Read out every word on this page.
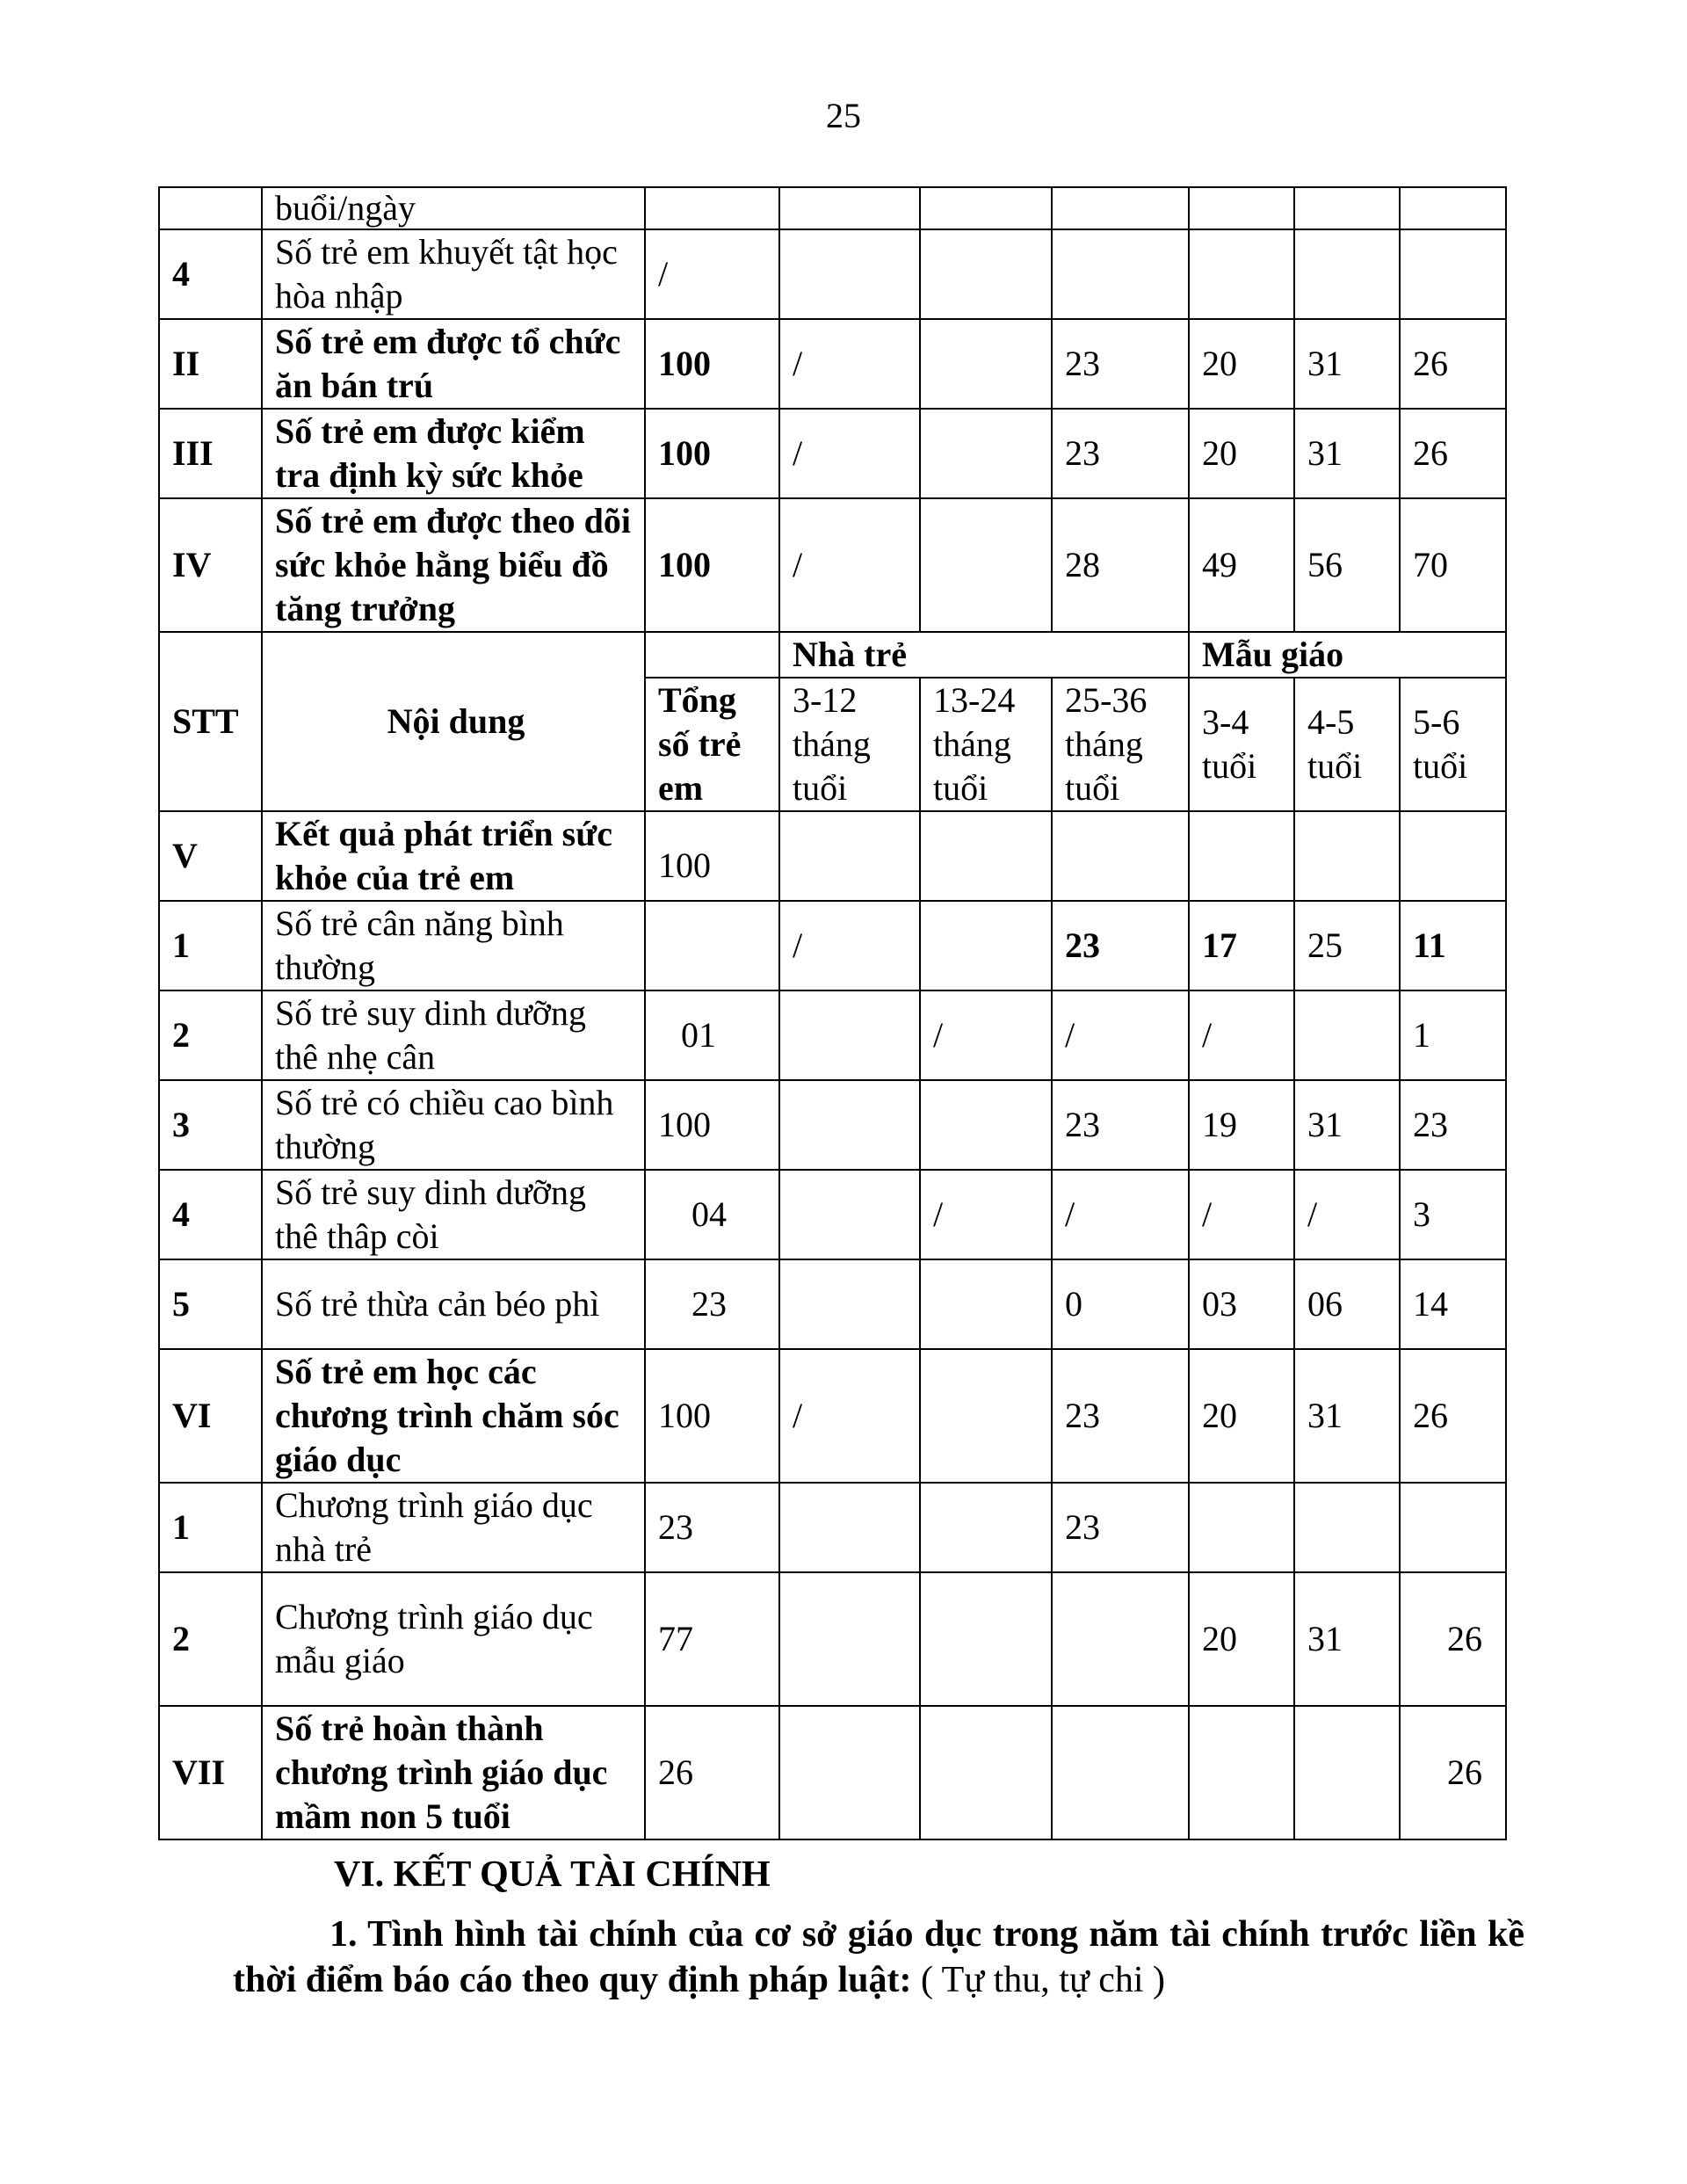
25
	buổi/ngày							
4	Số trẻ em khuyết tật học hòa nhập	/						
II	Số trẻ em được tổ chức ăn bán trú	100	/		23	20	31	26
III	Số trẻ em được kiểm tra định kỳ sức khỏe	100	/		23	20	31	26
IV	Số trẻ em được theo dõi sức khỏe hằng biểu đồ tăng trưởng	100	/		28	49	56	70
STT	Nội dung		Nhà trẻ			Mẫu giáo		
		Tổng số trẻ em	3-12 tháng tuổi	13-24 tháng tuổi	25-36 tháng tuổi	3-4 tuổi	4-5 tuổi	5-6 tuổi
V	Kết quả phát triển sức khỏe của trẻ em	100						
1	Số trẻ cân năng bình thường		/		23	17	25	11
2	Số trẻ suy dinh dưỡng thê nhẹ cân	01		/	/	/		1
3	Số trẻ có chiều cao bình thường	100			23	19	31	23
4	Số trẻ suy dinh dưỡng thê thâp còi	04		/	/	/	/	3
5	Số trẻ thừa cản béo phì	23			0	03	06	14
VI	Số trẻ em học các chương trình chăm sóc giáo dục	100	/		23	20	31	26
1	Chương trình giáo dục nhà trẻ	23			23			
2	Chương trình giáo dục mẫu giáo	77				20	31	26
VII	Số trẻ hoàn thành chương trình giáo dục mầm non 5 tuổi	26						26
VI. KẾT QUẢ TÀI CHÍNH
1. Tình hình tài chính của cơ sở giáo dục trong năm tài chính trước liền kề thời điểm báo cáo theo quy định pháp luật: ( Tự thu, tự chi )
